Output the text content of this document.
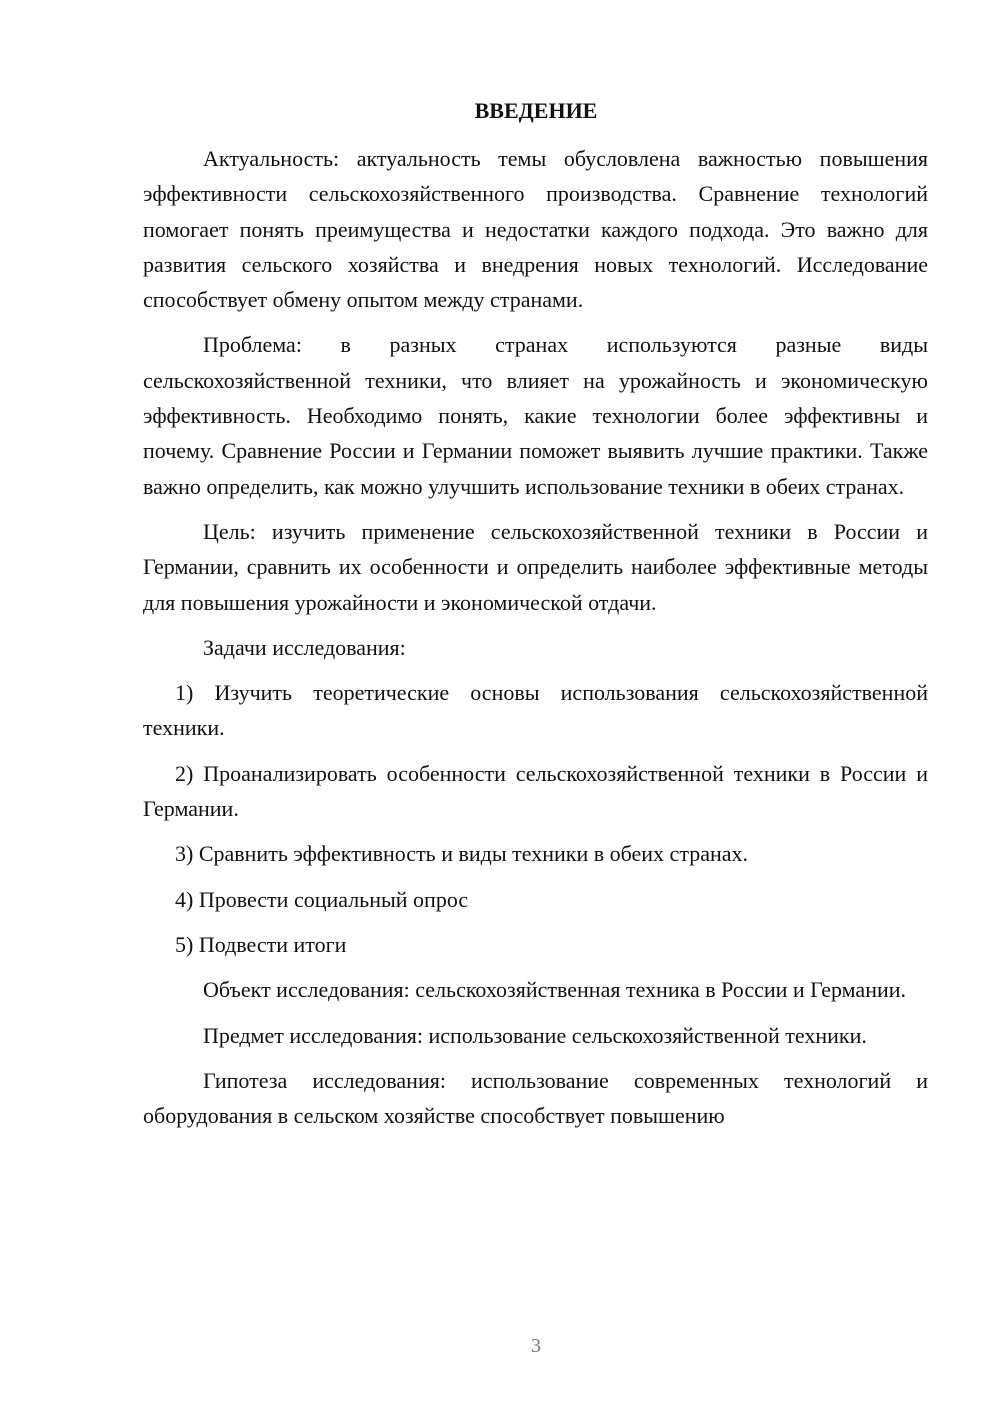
ВВЕДЕНИЕ

Актуальность: актуальность темы обусловлена важностью повышения эффективности сельскохозяйственного производства. Сравнение технологий помогает понять преимущества и недостатки каждого подхода. Это важно для развития сельского хозяйства и внедрения новых технологий. Исследование способствует обмену опытом между странами.

Проблема: в разных странах используются разные виды сельскохозяйственной техники, что влияет на урожайность и экономическую эффективность. Необходимо понять, какие технологии более эффективны и почему. Сравнение России и Германии поможет выявить лучшие практики. Также важно определить, как можно улучшить использование техники в обеих странах.

Цель: изучить применение сельскохозяйственной техники в России и Германии, сравнить их особенности и определить наиболее эффективные методы для повышения урожайности и экономической отдачи.

Задачи исследования:

1) Изучить теоретические основы использования сельскохозяйственной техники.

2) Проанализировать особенности сельскохозяйственной техники в России и Германии.

3) Сравнить эффективность и виды техники в обеих странах.

4) Провести социальный опрос

5) Подвести итоги

Объект исследования: сельскохозяйственная техника в России и Германии.

Предмет исследования: использование сельскохозяйственной техники.

Гипотеза исследования: использование современных технологий и оборудования в сельском хозяйстве способствует повышению

3
